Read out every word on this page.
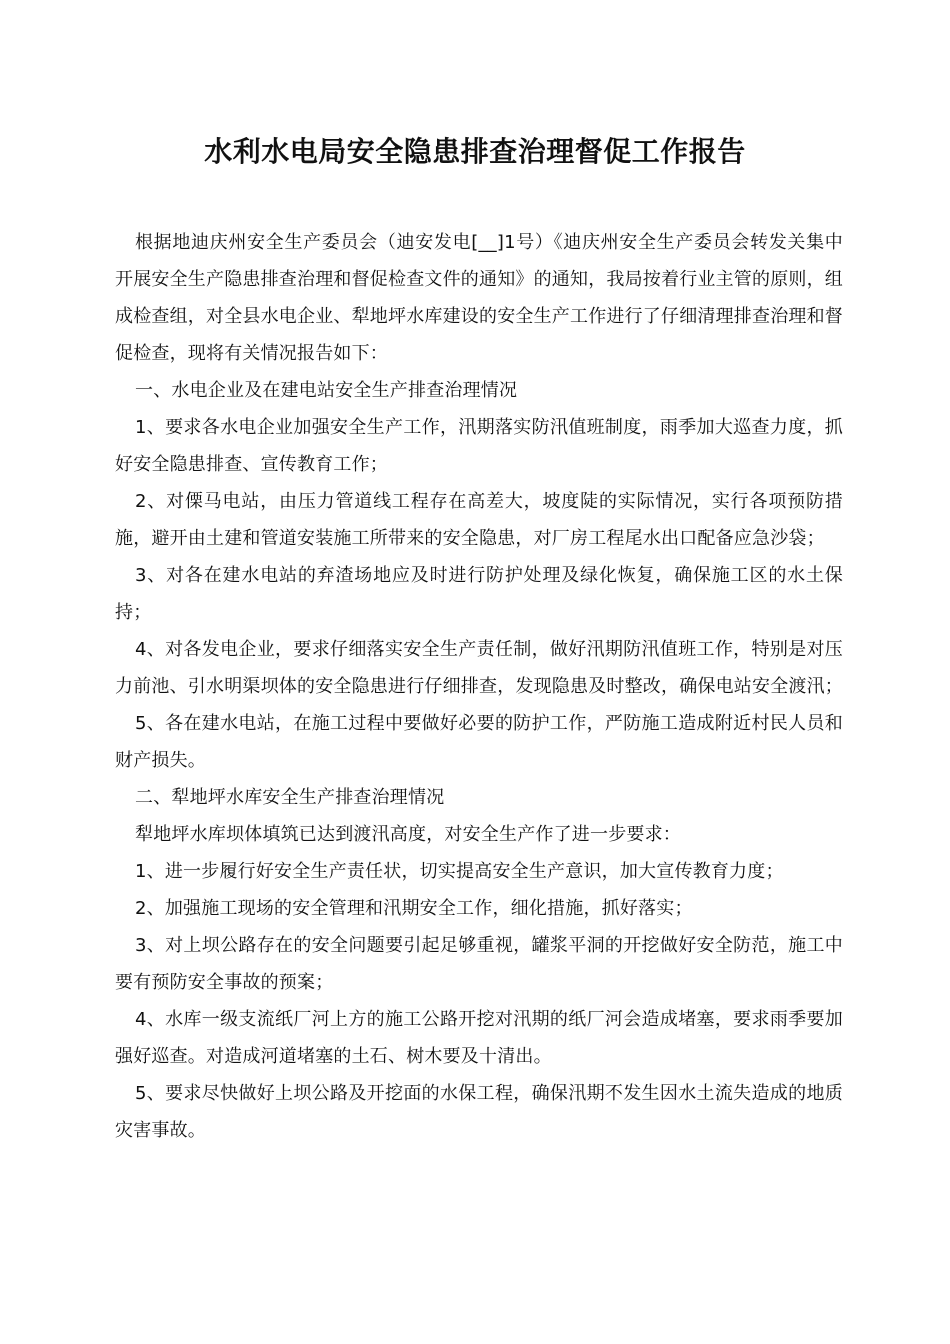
水利水电局安全隐患排查治理督促工作报告

根据地迪庆州安全生产委员会（迪安发电[__]1号）《迪庆州安全生产委员会转发关集中开展安全生产隐患排查治理和督促检查文件的通知》的通知，我局按着行业主管的原则，组成检查组，对全县水电企业、犁地坪水库建设的安全生产工作进行了仔细清理排查治理和督促检查，现将有关情况报告如下：

一、水电企业及在建电站安全生产排查治理情况

1、要求各水电企业加强安全生产工作，汛期落实防汛值班制度，雨季加大巡查力度，抓好安全隐患排查、宣传教育工作；

2、对傈马电站，由压力管道线工程存在高差大，坡度陡的实际情况，实行各项预防措施，避开由土建和管道安装施工所带来的安全隐患，对厂房工程尾水出口配备应急沙袋；

3、对各在建水电站的弃渣场地应及时进行防护处理及绿化恢复，确保施工区的水土保持；

4、对各发电企业，要求仔细落实安全生产责任制，做好汛期防汛值班工作，特别是对压力前池、引水明渠坝体的安全隐患进行仔细排查，发现隐患及时整改，确保电站安全渡汛；

5、各在建水电站，在施工过程中要做好必要的防护工作，严防施工造成附近村民人员和财产损失。

二、犁地坪水库安全生产排查治理情况

犁地坪水库坝体填筑已达到渡汛高度，对安全生产作了进一步要求：

1、进一步履行好安全生产责任状，切实提高安全生产意识，加大宣传教育力度；

2、加强施工现场的安全管理和汛期安全工作，细化措施，抓好落实；

3、对上坝公路存在的安全问题要引起足够重视，罐浆平洞的开挖做好安全防范，施工中要有预防安全事故的预案；

4、水库一级支流纸厂河上方的施工公路开挖对汛期的纸厂河会造成堵塞，要求雨季要加强好巡查。对造成河道堵塞的土石、树木要及十清出。

5、要求尽快做好上坝公路及开挖面的水保工程，确保汛期不发生因水土流失造成的地质灾害事故。
